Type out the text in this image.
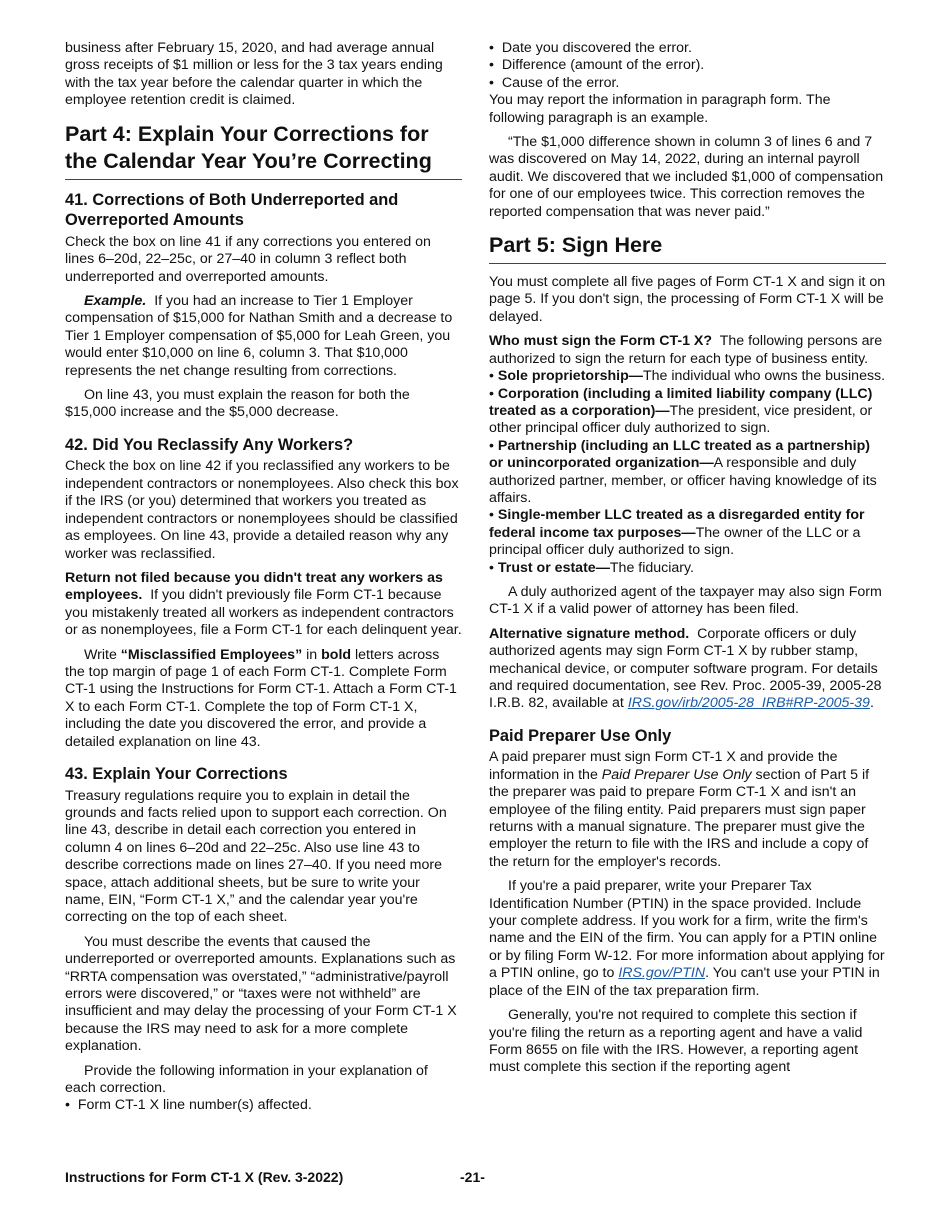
business after February 15, 2020, and had average annual gross receipts of $1 million or less for the 3 tax years ending with the tax year before the calendar quarter in which the employee retention credit is claimed.

Part 4: Explain Your Corrections for the Calendar Year You’re Correcting
41. Corrections of Both Underreported and Overreported Amounts

Check the box on line 41 if any corrections you entered on lines 6–20d, 22–25c, or 27–40 in column 3 reflect both underreported and overreported amounts.

Example. If you had an increase to Tier 1 Employer compensation of $15,000 for Nathan Smith and a decrease to Tier 1 Employer compensation of $5,000 for Leah Green, you would enter $10,000 on line 6, column 3. That $10,000 represents the net change resulting from corrections.

On line 43, you must explain the reason for both the $15,000 increase and the $5,000 decrease.

42. Did You Reclassify Any Workers?

Check the box on line 42 if you reclassified any workers to be independent contractors or nonemployees. Also check this box if the IRS (or you) determined that workers you treated as independent contractors or nonemployees should be classified as employees. On line 43, provide a detailed reason why any worker was reclassified.

Return not filed because you didn't treat any workers as employees. If you didn't previously file Form CT-1 because you mistakenly treated all workers as independent contractors or as nonemployees, file a Form CT-1 for each delinquent year.

Write “Misclassified Employees” in bold letters across the top margin of page 1 of each Form CT-1. Complete Form CT-1 using the Instructions for Form CT-1. Attach a Form CT-1 X to each Form CT-1. Complete the top of Form CT-1 X, including the date you discovered the error, and provide a detailed explanation on line 43.

43. Explain Your Corrections

Treasury regulations require you to explain in detail the grounds and facts relied upon to support each correction. On line 43, describe in detail each correction you entered in column 4 on lines 6–20d and 22–25c. Also use line 43 to describe corrections made on lines 27–40. If you need more space, attach additional sheets, but be sure to write your name, EIN, “Form CT-1 X,” and the calendar year you're correcting on the top of each sheet.

You must describe the events that caused the underreported or overreported amounts. Explanations such as “RRTA compensation was overstated,” “administrative/payroll errors were discovered,” or “taxes were not withheld” are insufficient and may delay the processing of your Form CT-1 X because the IRS may need to ask for a more complete explanation.

Provide the following information in your explanation of each correction.

•  Form CT-1 X line number(s) affected.

•  Date you discovered the error.

•  Difference (amount of the error).

•  Cause of the error.

You may report the information in paragraph form. The following paragraph is an example.

“The $1,000 difference shown in column 3 of lines 6 and 7 was discovered on May 14, 2022, during an internal payroll audit. We discovered that we included $1,000 of compensation for one of our employees twice. This correction removes the reported compensation that was never paid.”

Part 5: Sign Here

You must complete all five pages of Form CT-1 X and sign it on page 5. If you don't sign, the processing of Form CT-1 X will be delayed.

Who must sign the Form CT-1 X? The following persons are authorized to sign the return for each type of business entity.

• Sole proprietorship—The individual who owns the business.

• Corporation (including a limited liability company (LLC) treated as a corporation)—The president, vice president, or other principal officer duly authorized to sign.

• Partnership (including an LLC treated as a partnership) or unincorporated organization—A responsible and duly authorized partner, member, or officer having knowledge of its affairs.

• Single-member LLC treated as a disregarded entity for federal income tax purposes—The owner of the LLC or a principal officer duly authorized to sign.

• Trust or estate—The fiduciary.

A duly authorized agent of the taxpayer may also sign Form CT-1 X if a valid power of attorney has been filed.

Alternative signature method. Corporate officers or duly authorized agents may sign Form CT-1 X by rubber stamp, mechanical device, or computer software program. For details and required documentation, see Rev. Proc. 2005-39, 2005-28 I.R.B. 82, available at IRS.gov/irb/2005-28_IRB#RP-2005-39.

Paid Preparer Use Only

A paid preparer must sign Form CT-1 X and provide the information in the Paid Preparer Use Only section of Part 5 if the preparer was paid to prepare Form CT-1 X and isn't an employee of the filing entity. Paid preparers must sign paper returns with a manual signature. The preparer must give the employer the return to file with the IRS and include a copy of the return for the employer's records.

If you're a paid preparer, write your Preparer Tax Identification Number (PTIN) in the space provided. Include your complete address. If you work for a firm, write the firm's name and the EIN of the firm. You can apply for a PTIN online or by filing Form W-12. For more information about applying for a PTIN online, go to IRS.gov/PTIN. You can't use your PTIN in place of the EIN of the tax preparation firm.

Generally, you're not required to complete this section if you're filing the return as a reporting agent and have a valid Form 8655 on file with the IRS. However, a reporting agent must complete this section if the reporting agent

Instructions for Form CT-1 X (Rev. 3-2022)	-21-
